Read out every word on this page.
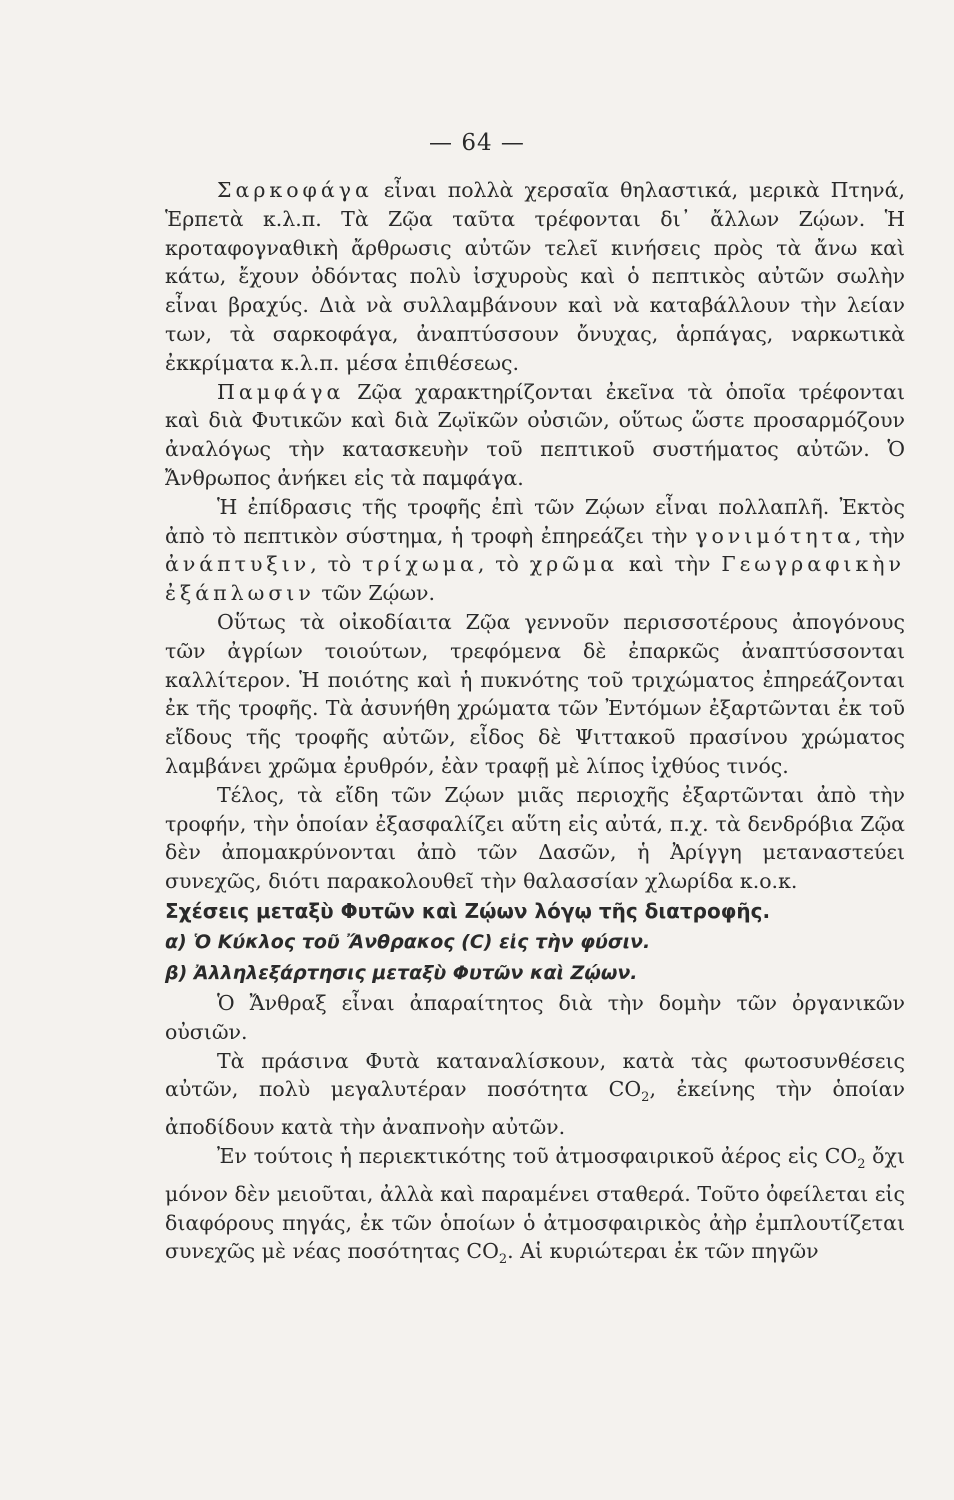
— 64 —

Σαρκοφάγα εἶναι πολλὰ χερσαῖα θηλαστικά, μερικὰ Πτηνά, Ἑρπετὰ κ.λ.π. Τὰ Ζῷα ταῦτα τρέφονται δι᾿ ἄλλων Ζῴων. Ἡ κροταφογναθικὴ ἄρθρωσις αὐτῶν τελεῖ κινήσεις πρὸς τὰ ἄνω καὶ κάτω, ἔχουν ὀδόντας πολὺ ἰσχυροὺς καὶ ὁ πεπτικὸς αὐτῶν σωλὴν εἶναι βραχύς. Διὰ νὰ συλλαμβάνουν καὶ νὰ καταβάλλουν τὴν λείαν των, τὰ σαρκοφάγα, ἀναπτύσσουν ὄνυχας, ἁρπάγας, ναρκωτικὰ ἐκκρίματα κ.λ.π. μέσα ἐπιθέσεως.

Παμφάγα Ζῷα χαρακτηρίζονται ἐκεῖνα τὰ ὁποῖα τρέφονται καὶ διὰ Φυτικῶν καὶ διὰ Ζῳϊκῶν οὐσιῶν, οὕτως ὥστε προσαρμόζουν ἀναλόγως τὴν κατασκευὴν τοῦ πεπτικοῦ συστήματος αὐτῶν. Ὁ Ἄνθρωπος ἀνήκει εἰς τὰ παμφάγα.

Ἡ ἐπίδρασις τῆς τροφῆς ἐπὶ τῶν Ζῴων εἶναι πολλαπλῆ. Ἐκτὸς ἀπὸ τὸ πεπτικὸν σύστημα, ἡ τροφὴ ἐπηρεάζει τὴν γονιμότητα, τὴν ἀνάπτυξιν, τὸ τρίχωμα, τὸ χρῶμα καὶ τὴν Γεωγραφικὴν ἐξάπλωσιν τῶν Ζῴων.

Οὕτως τὰ οἰκοδίαιτα Ζῷα γεννοῦν περισσοτέρους ἀπογόνους τῶν ἀγρίων τοιούτων, τρεφόμενα δὲ ἐπαρκῶς ἀναπτύσσονται καλλίτερον. Ἡ ποιότης καὶ ἡ πυκνότης τοῦ τριχώματος ἐπηρεάζονται ἐκ τῆς τροφῆς. Τὰ ἀσυνήθη χρώματα τῶν Ἐντόμων ἐξαρτῶνται ἐκ τοῦ εἴδους τῆς τροφῆς αὐτῶν, εἶδος δὲ Ψιττακοῦ πρασίνου χρώματος λαμβάνει χρῶμα ἐρυθρόν, ἐὰν τραφῇ μὲ λίπος ἰχθύος τινός.

Τέλος, τὰ εἴδη τῶν Ζῴων μιᾶς περιοχῆς ἐξαρτῶνται ἀπὸ τὴν τροφήν, τὴν ὁποίαν ἐξασφαλίζει αὕτη εἰς αὐτά, π.χ. τὰ δενδρόβια Ζῷα δὲν ἀπομακρύνονται ἀπὸ τῶν Δασῶν, ἡ Ἀρίγγη μεταναστεύει συνεχῶς, διότι παρακολουθεῖ τὴν θαλασσίαν χλωρίδα κ.ο.κ.

Σχέσεις μεταξὺ Φυτῶν καὶ Ζῴων λόγῳ τῆς διατροφῆς.

α) Ὁ Κύκλος τοῦ Ἄνθρακος (C) εἰς τὴν φύσιν.

β) Ἀλληλεξάρτησις μεταξὺ Φυτῶν καὶ Ζῴων.

Ὁ Ἄνθραξ εἶναι ἀπαραίτητος διὰ τὴν δομὴν τῶν ὀργανικῶν οὐσιῶν.

Τὰ πράσινα Φυτὰ καταναλίσκουν, κατὰ τὰς φωτοσυνθέσεις αὐτῶν, πολὺ μεγαλυτέραν ποσότητα $CO_2$, ἐκείνης τὴν ὁποίαν ἀποδίδουν κατὰ τὴν ἀναπνοὴν αὐτῶν.

Ἐν τούτοις ἡ περιεκτικότης τοῦ ἀτμοσφαιρικοῦ ἀέρος εἰς $CO_2$ ὄχι μόνον δὲν μειοῦται, ἀλλὰ καὶ παραμένει σταθερά. Τοῦτο ὀφείλεται εἰς διαφόρους πηγάς, ἐκ τῶν ὁποίων ὁ ἀτμοσφαιρικὸς ἀὴρ ἐμπλουτίζεται συνεχῶς μὲ νέας ποσότητας $CO_2$. Αἱ κυριώτεραι ἐκ τῶν πηγῶν
